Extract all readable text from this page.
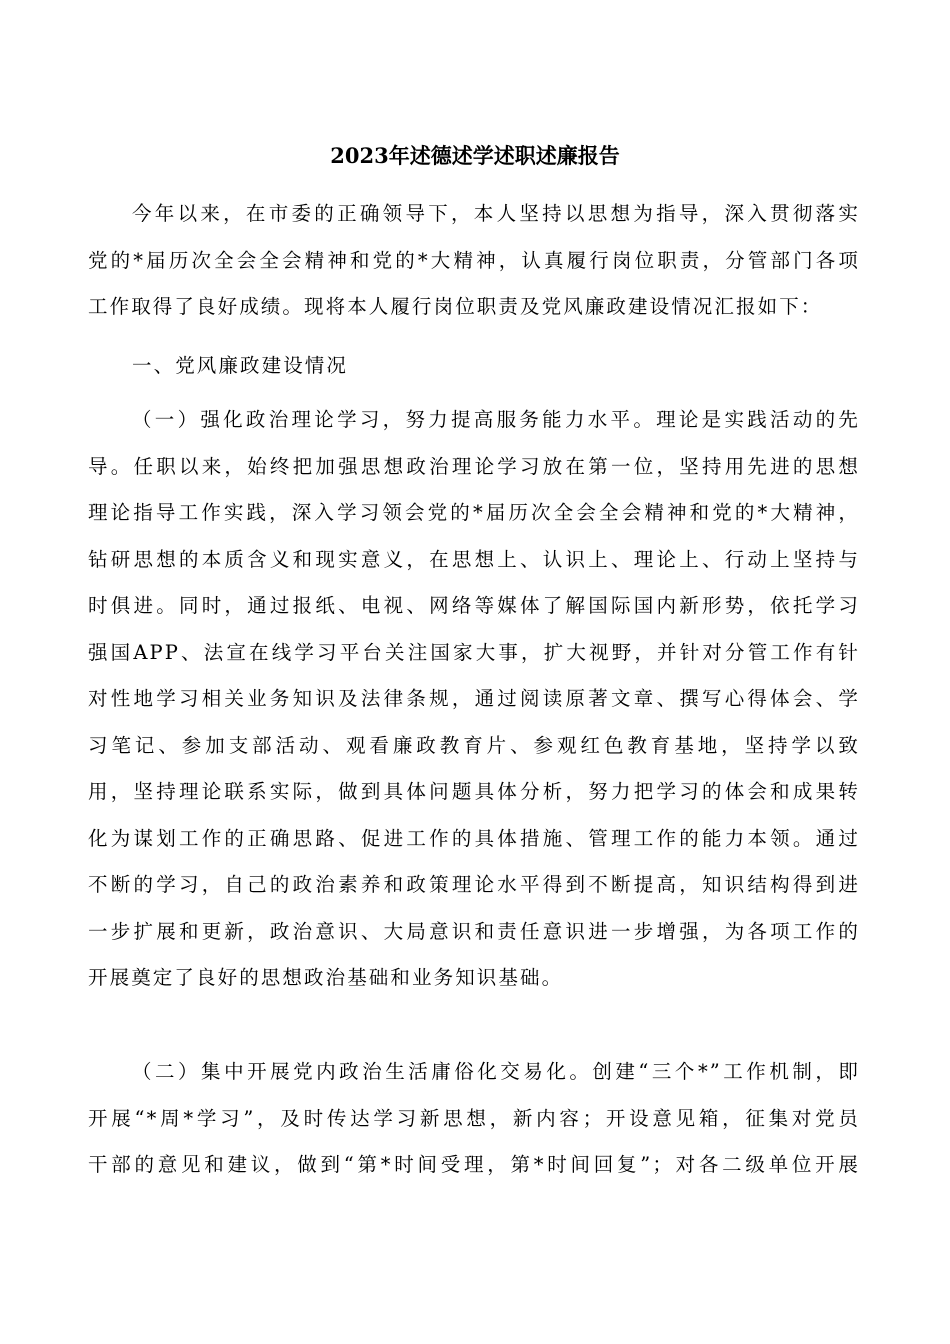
2023年述德述学述职述廉报告
今年以来，在市委的正确领导下，本人坚持以思想为指导，深入贯彻落实
党的*届历次全会全会精神和党的*大精神，认真履行岗位职责，分管部门各项
工作取得了良好成绩。现将本人履行岗位职责及党风廉政建设情况汇报如下：
一、党风廉政建设情况
（一）强化政治理论学习，努力提高服务能力水平。理论是实践活动的先
导。任职以来，始终把加强思想政治理论学习放在第一位，坚持用先进的思想
理论指导工作实践，深入学习领会党的*届历次全会全会精神和党的*大精神，
钻研思想的本质含义和现实意义，在思想上、认识上、理论上、行动上坚持与
时俱进。同时，通过报纸、电视、网络等媒体了解国际国内新形势，依托学习
强国APP、法宣在线学习平台关注国家大事，扩大视野，并针对分管工作有针
对性地学习相关业务知识及法律条规，通过阅读原著文章、撰写心得体会、学
习笔记、参加支部活动、观看廉政教育片、参观红色教育基地，坚持学以致
用，坚持理论联系实际，做到具体问题具体分析，努力把学习的体会和成果转
化为谋划工作的正确思路、促进工作的具体措施、管理工作的能力本领。通过
不断的学习，自己的政治素养和政策理论水平得到不断提高，知识结构得到进
一步扩展和更新，政治意识、大局意识和责任意识进一步增强，为各项工作的
开展奠定了良好的思想政治基础和业务知识基础。
（二）集中开展党内政治生活庸俗化交易化。创建“三个*”工作机制，即
开展“*周*学习”，及时传达学习新思想，新内容；开设意见箱，征集对党员
干部的意见和建议，做到“第*时间受理，第*时间回复”；对各二级单位开展
